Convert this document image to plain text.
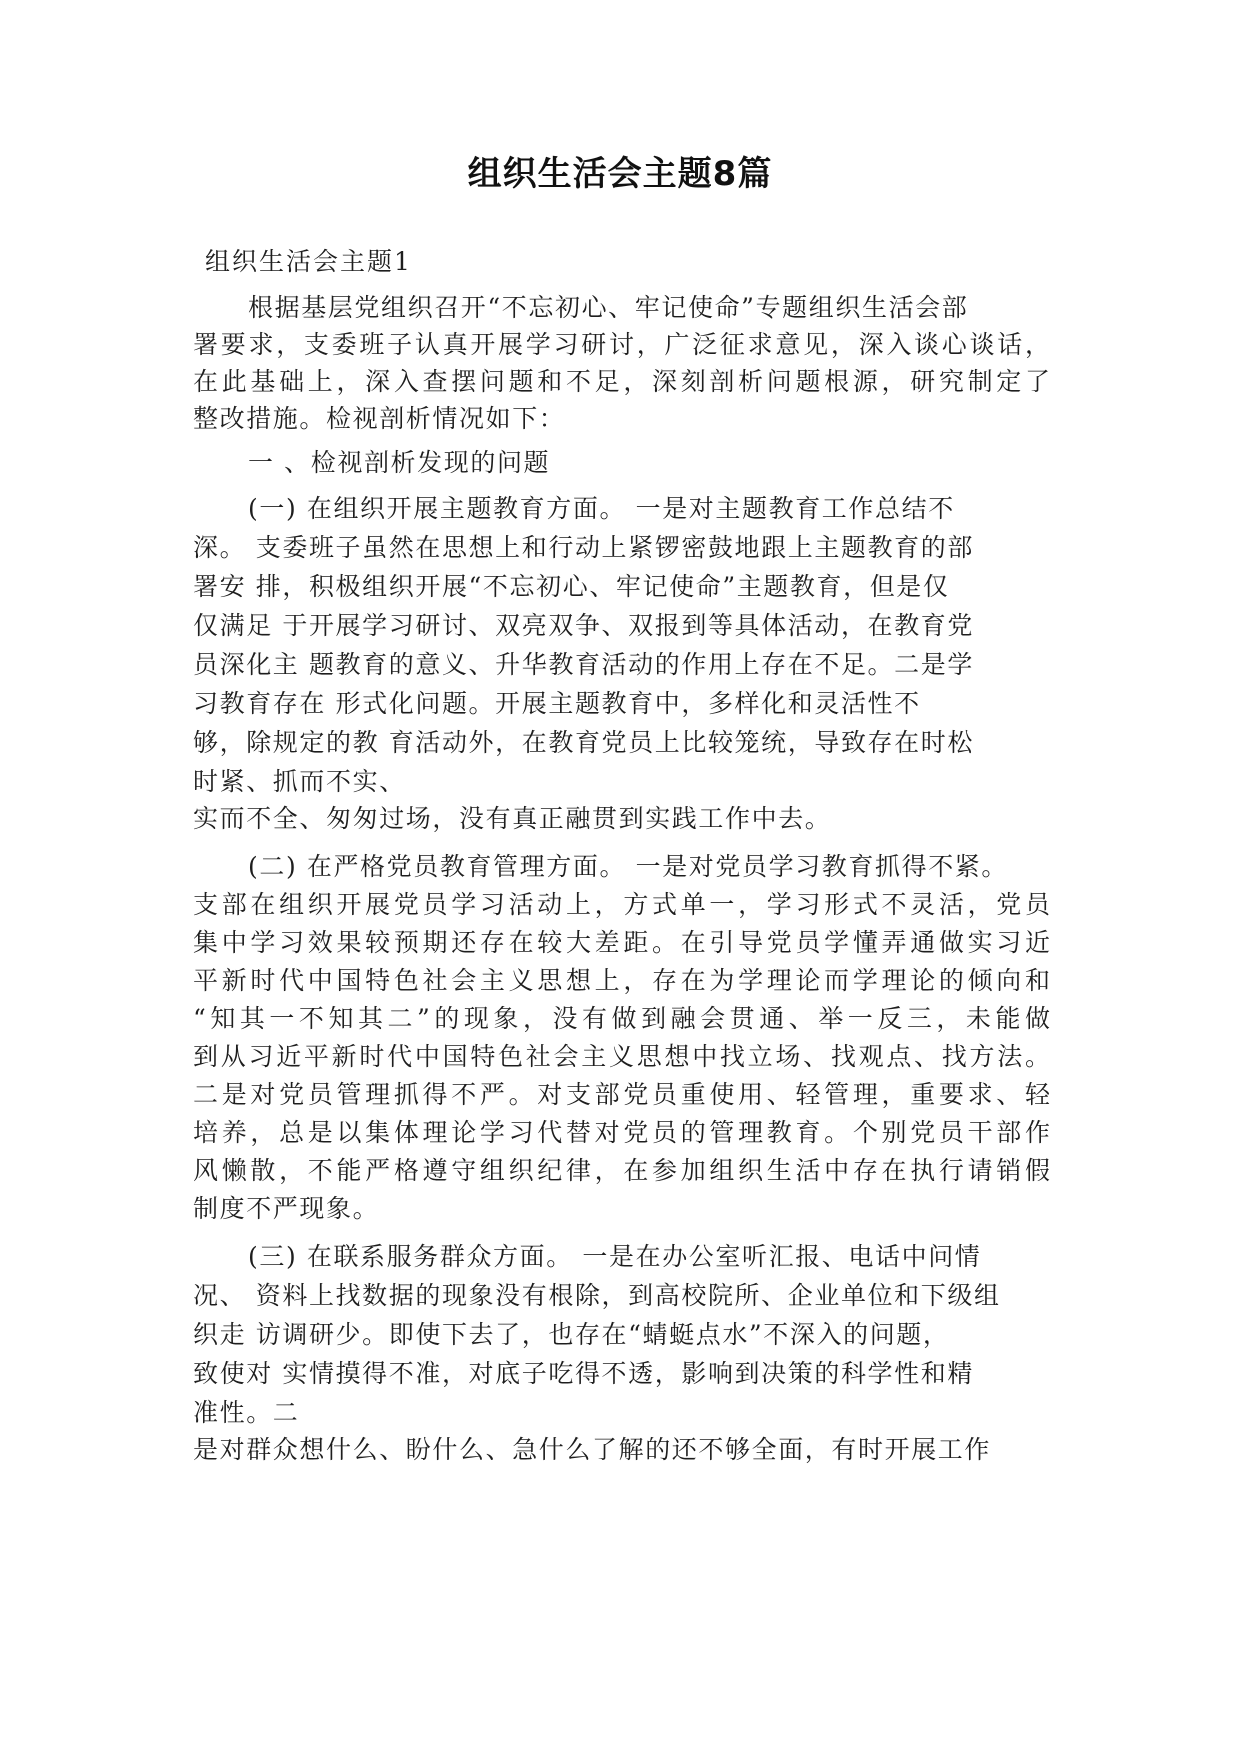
组织生活会主题8篇
组织生活会主题1
根据基层党组织召开“不忘初心、牢记使命”专题组织生活会部
署要求，支委班子认真开展学习研讨，广泛征求意见，深入谈心谈话，
在此基础上，深入查摆问题和不足，深刻剖析问题根源，研究制定了
整改措施。检视剖析情况如下：
一 、检视剖析发现的问题
(一) 在组织开展主题教育方面。 一是对主题教育工作总结不
深。 支委班子虽然在思想上和行动上紧锣密鼓地跟上主题教育的部
署安 排，积极组织开展“不忘初心、牢记使命”主题教育，但是仅
仅满足 于开展学习研讨、双亮双争、双报到等具体活动，在教育党
员深化主 题教育的意义、升华教育活动的作用上存在不足。二是学
习教育存在 形式化问题。开展主题教育中，多样化和灵活性不
够，除规定的教 育活动外，在教育党员上比较笼统，导致存在时松
时紧、抓而不实、
实而不全、匆匆过场，没有真正融贯到实践工作中去。
(二) 在严格党员教育管理方面。 一是对党员学习教育抓得不紧。
支部在组织开展党员学习活动上，方式单一，学习形式不灵活，党员
集中学习效果较预期还存在较大差距。在引导党员学懂弄通做实习近
平新时代中国特色社会主义思想上，存在为学理论而学理论的倾向和
“知其一不知其二”的现象，没有做到融会贯通、举一反三，未能做
到从习近平新时代中国特色社会主义思想中找立场、找观点、找方法。
二是对党员管理抓得不严。对支部党员重使用、轻管理，重要求、轻
培养，总是以集体理论学习代替对党员的管理教育。个别党员干部作
风懒散，不能严格遵守组织纪律，在参加组织生活中存在执行请销假
制度不严现象。
(三) 在联系服务群众方面。 一是在办公室听汇报、电话中问情
况、 资料上找数据的现象没有根除，到高校院所、企业单位和下级组
织走 访调研少。即使下去了，也存在“蜻蜓点水”不深入的问题，
致使对 实情摸得不准，对底子吃得不透，影响到决策的科学性和精
准性。二
是对群众想什么、盼什么、急什么了解的还不够全面，有时开展工作
